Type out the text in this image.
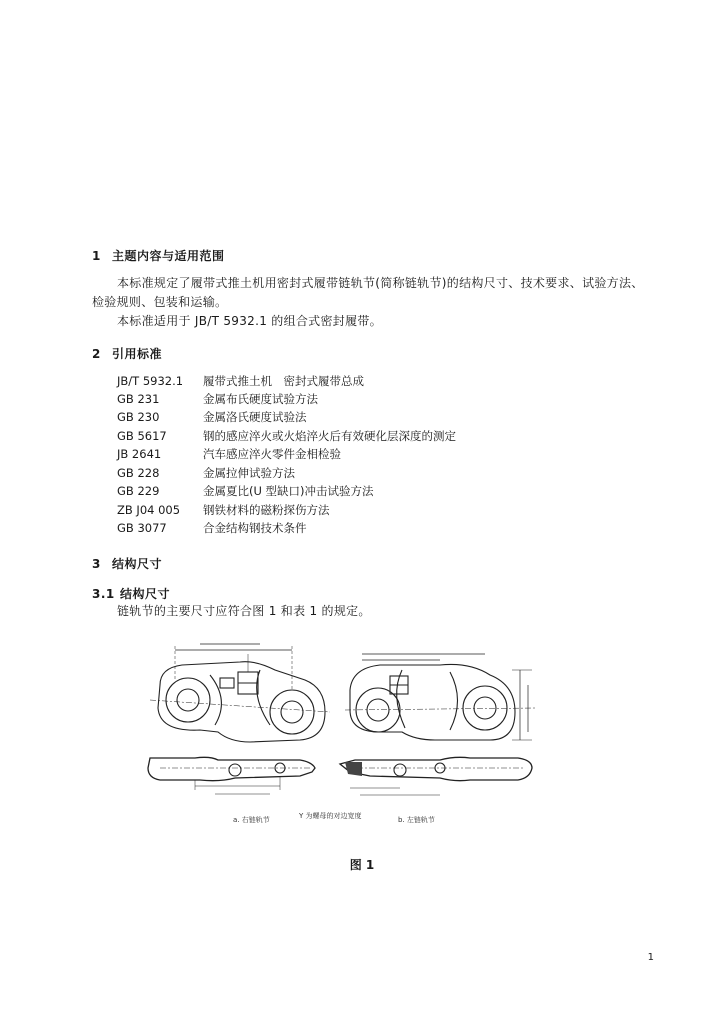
1 主题内容与适用范围
本标准规定了履带式推土机用密封式履带链轨节(简称链轨节)的结构尺寸、技术要求、试验方法、
检验规则、包装和运输。
本标准适用于 JB/T 5932.1 的组合式密封履带。
2 引用标准
JB/T 5932.1 履带式推土机　密封式履带总成
GB 231	金属布氏硬度试验方法
GB 230	金属洛氏硬度试验法
GB 5617	钢的感应淬火或火焰淬火后有效硬化层深度的测定
JB 2641	汽车感应淬火零件金相检验
GB 228	金属拉伸试验方法
GB 229	金属夏比(U 型缺口)冲击试验方法
ZB J04 005 钢铁材料的磁粉探伤方法
GB 3077	合金结构钢技术条件
3 结构尺寸
3.1 结构尺寸
链轨节的主要尺寸应符合图 1 和表 1 的规定。
a. 右链轨节	Y 为螺母的对边宽度	b. 左链轨节
图 1
1
